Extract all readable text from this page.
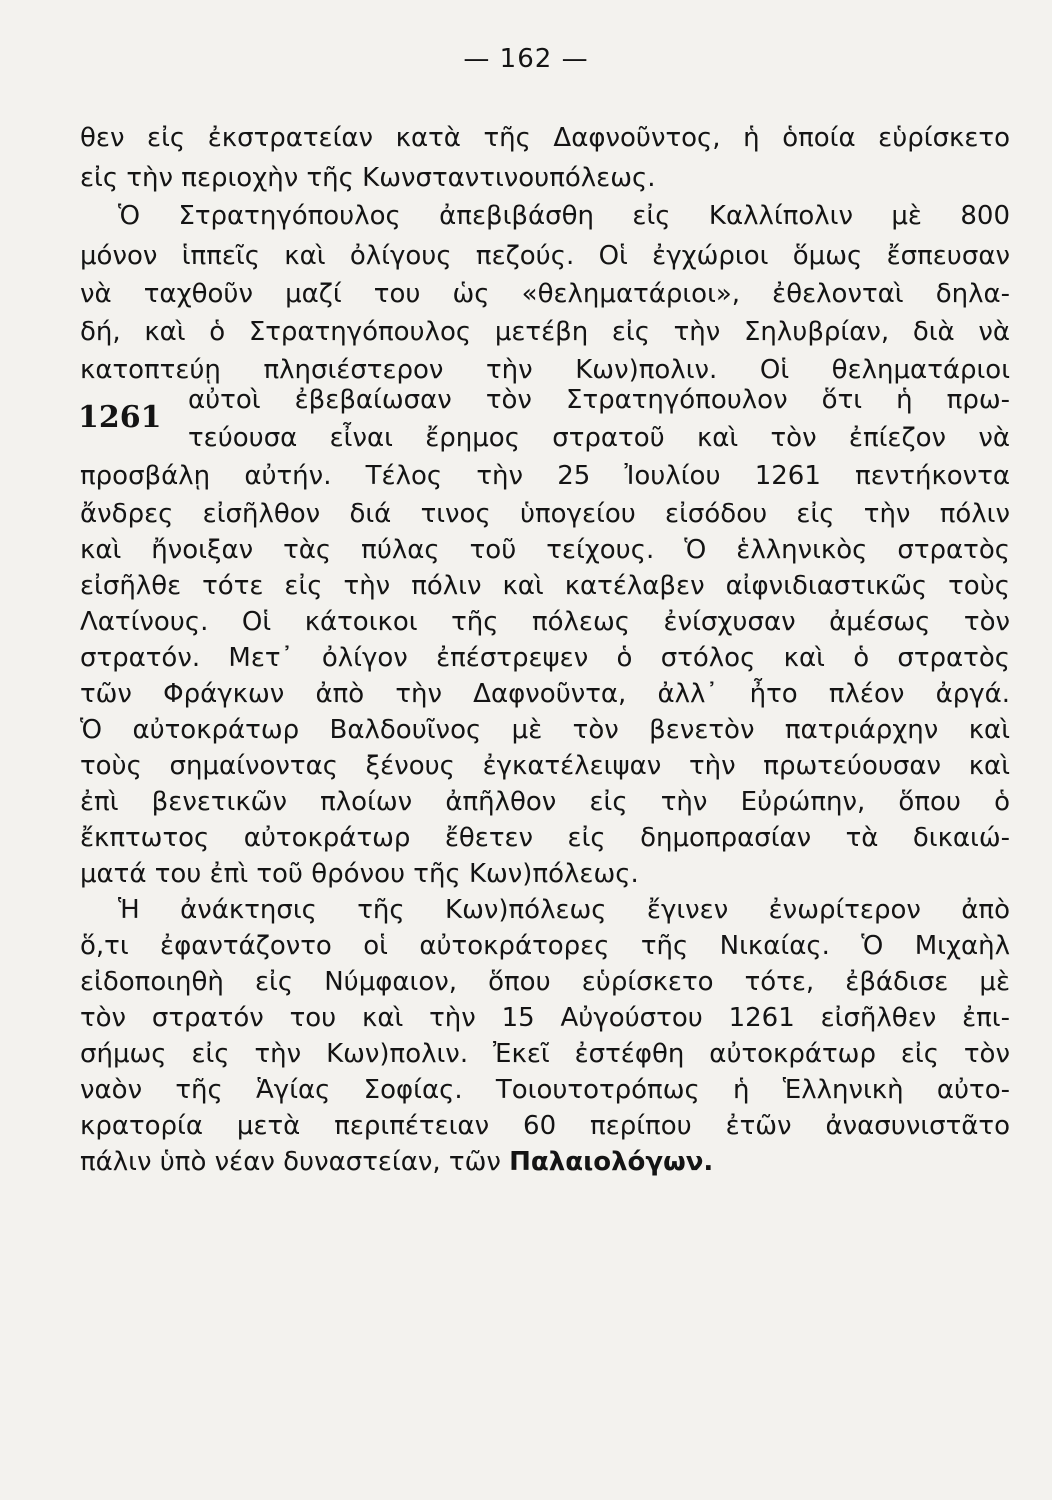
— 162 —
1261
θεν εἰς ἐκστρατείαν κατὰ τῆς Δαφνοῦντος, ἡ ὁποία εὑρίσκετο
εἰς τὴν περιοχὴν τῆς Κωνσταντινουπόλεως.
Ὁ Στρατηγόπουλος ἀπεβιβάσθη εἰς Καλλίπολιν μὲ 800
μόνον ἱππεῖς καὶ ὀλίγους πεζούς. Οἱ ἐγχώριοι ὅμως ἔσπευσαν
νὰ ταχθοῦν μαζί του ὡς «θεληματάριοι», ἐθελονταὶ δηλα-
δή, καὶ ὁ Στρατηγόπουλος μετέβη εἰς τὴν Σηλυβρίαν, διὰ νὰ
κατοπτεύῃ πλησιέστερον τὴν Κων)πολιν. Οἱ θεληματάριοι
αὐτοὶ ἐβεβαίωσαν τὸν Στρατηγόπουλον ὅτι ἡ πρω-
τεύουσα εἶναι ἔρημος στρατοῦ καὶ τὸν ἐπίεζον νὰ
προσβάλῃ αὐτήν. Τέλος τὴν 25 Ἰουλίου 1261 πεντήκοντα
ἄνδρες εἰσῆλθον διά τινος ὑπογείου εἰσόδου εἰς τὴν πόλιν
καὶ ἤνοιξαν τὰς πύλας τοῦ τείχους. Ὁ ἑλληνικὸς στρατὸς
εἰσῆλθε τότε εἰς τὴν πόλιν καὶ κατέλαβεν αἰφνιδιαστικῶς τοὺς
Λατίνους. Οἱ κάτοικοι τῆς πόλεως ἐνίσχυσαν ἀμέσως τὸν
στρατόν. Μετ᾽ ὀλίγον ἐπέστρεψεν ὁ στόλος καὶ ὁ στρατὸς
τῶν Φράγκων ἀπὸ τὴν Δαφνοῦντα, ἀλλ᾽ ἦτο πλέον ἀργά.
Ὁ αὐτοκράτωρ Βαλδουῖνος μὲ τὸν βενετὸν πατριάρχην καὶ
τοὺς σημαίνοντας ξένους ἐγκατέλειψαν τὴν πρωτεύουσαν καὶ
ἐπὶ βενετικῶν πλοίων ἀπῆλθον εἰς τὴν Εὐρώπην, ὅπου ὁ
ἔκπτωτος αὐτοκράτωρ ἔθετεν εἰς δημοπρασίαν τὰ δικαιώ-
ματά του ἐπὶ τοῦ θρόνου τῆς Κων)πόλεως.
Ἡ ἀνάκτησις τῆς Κων)πόλεως ἔγινεν ἐνωρίτερον ἀπὸ
ὅ,τι ἐφαντάζοντο οἱ αὐτοκράτορες τῆς Νικαίας. Ὁ Μιχαὴλ
εἰδοποιηθὴ εἰς Νύμφαιον, ὅπου εὑρίσκετο τότε, ἐβάδισε μὲ
τὸν στρατόν του καὶ τὴν 15 Αὐγούστου 1261 εἰσῆλθεν ἐπι-
σήμως εἰς τὴν Κων)πολιν. Ἐκεῖ ἐστέφθη αὐτοκράτωρ εἰς τὸν
ναὸν τῆς Ἁγίας Σοφίας. Τοιουτοτρόπως ἡ Ἑλληνικὴ αὐτο-
κρατορία μετὰ περιπέτειαν 60 περίπου ἐτῶν ἀνασυνιστᾶτο
πάλιν ὑπὸ νέαν δυναστείαν, τῶν Παλαιολόγων.
